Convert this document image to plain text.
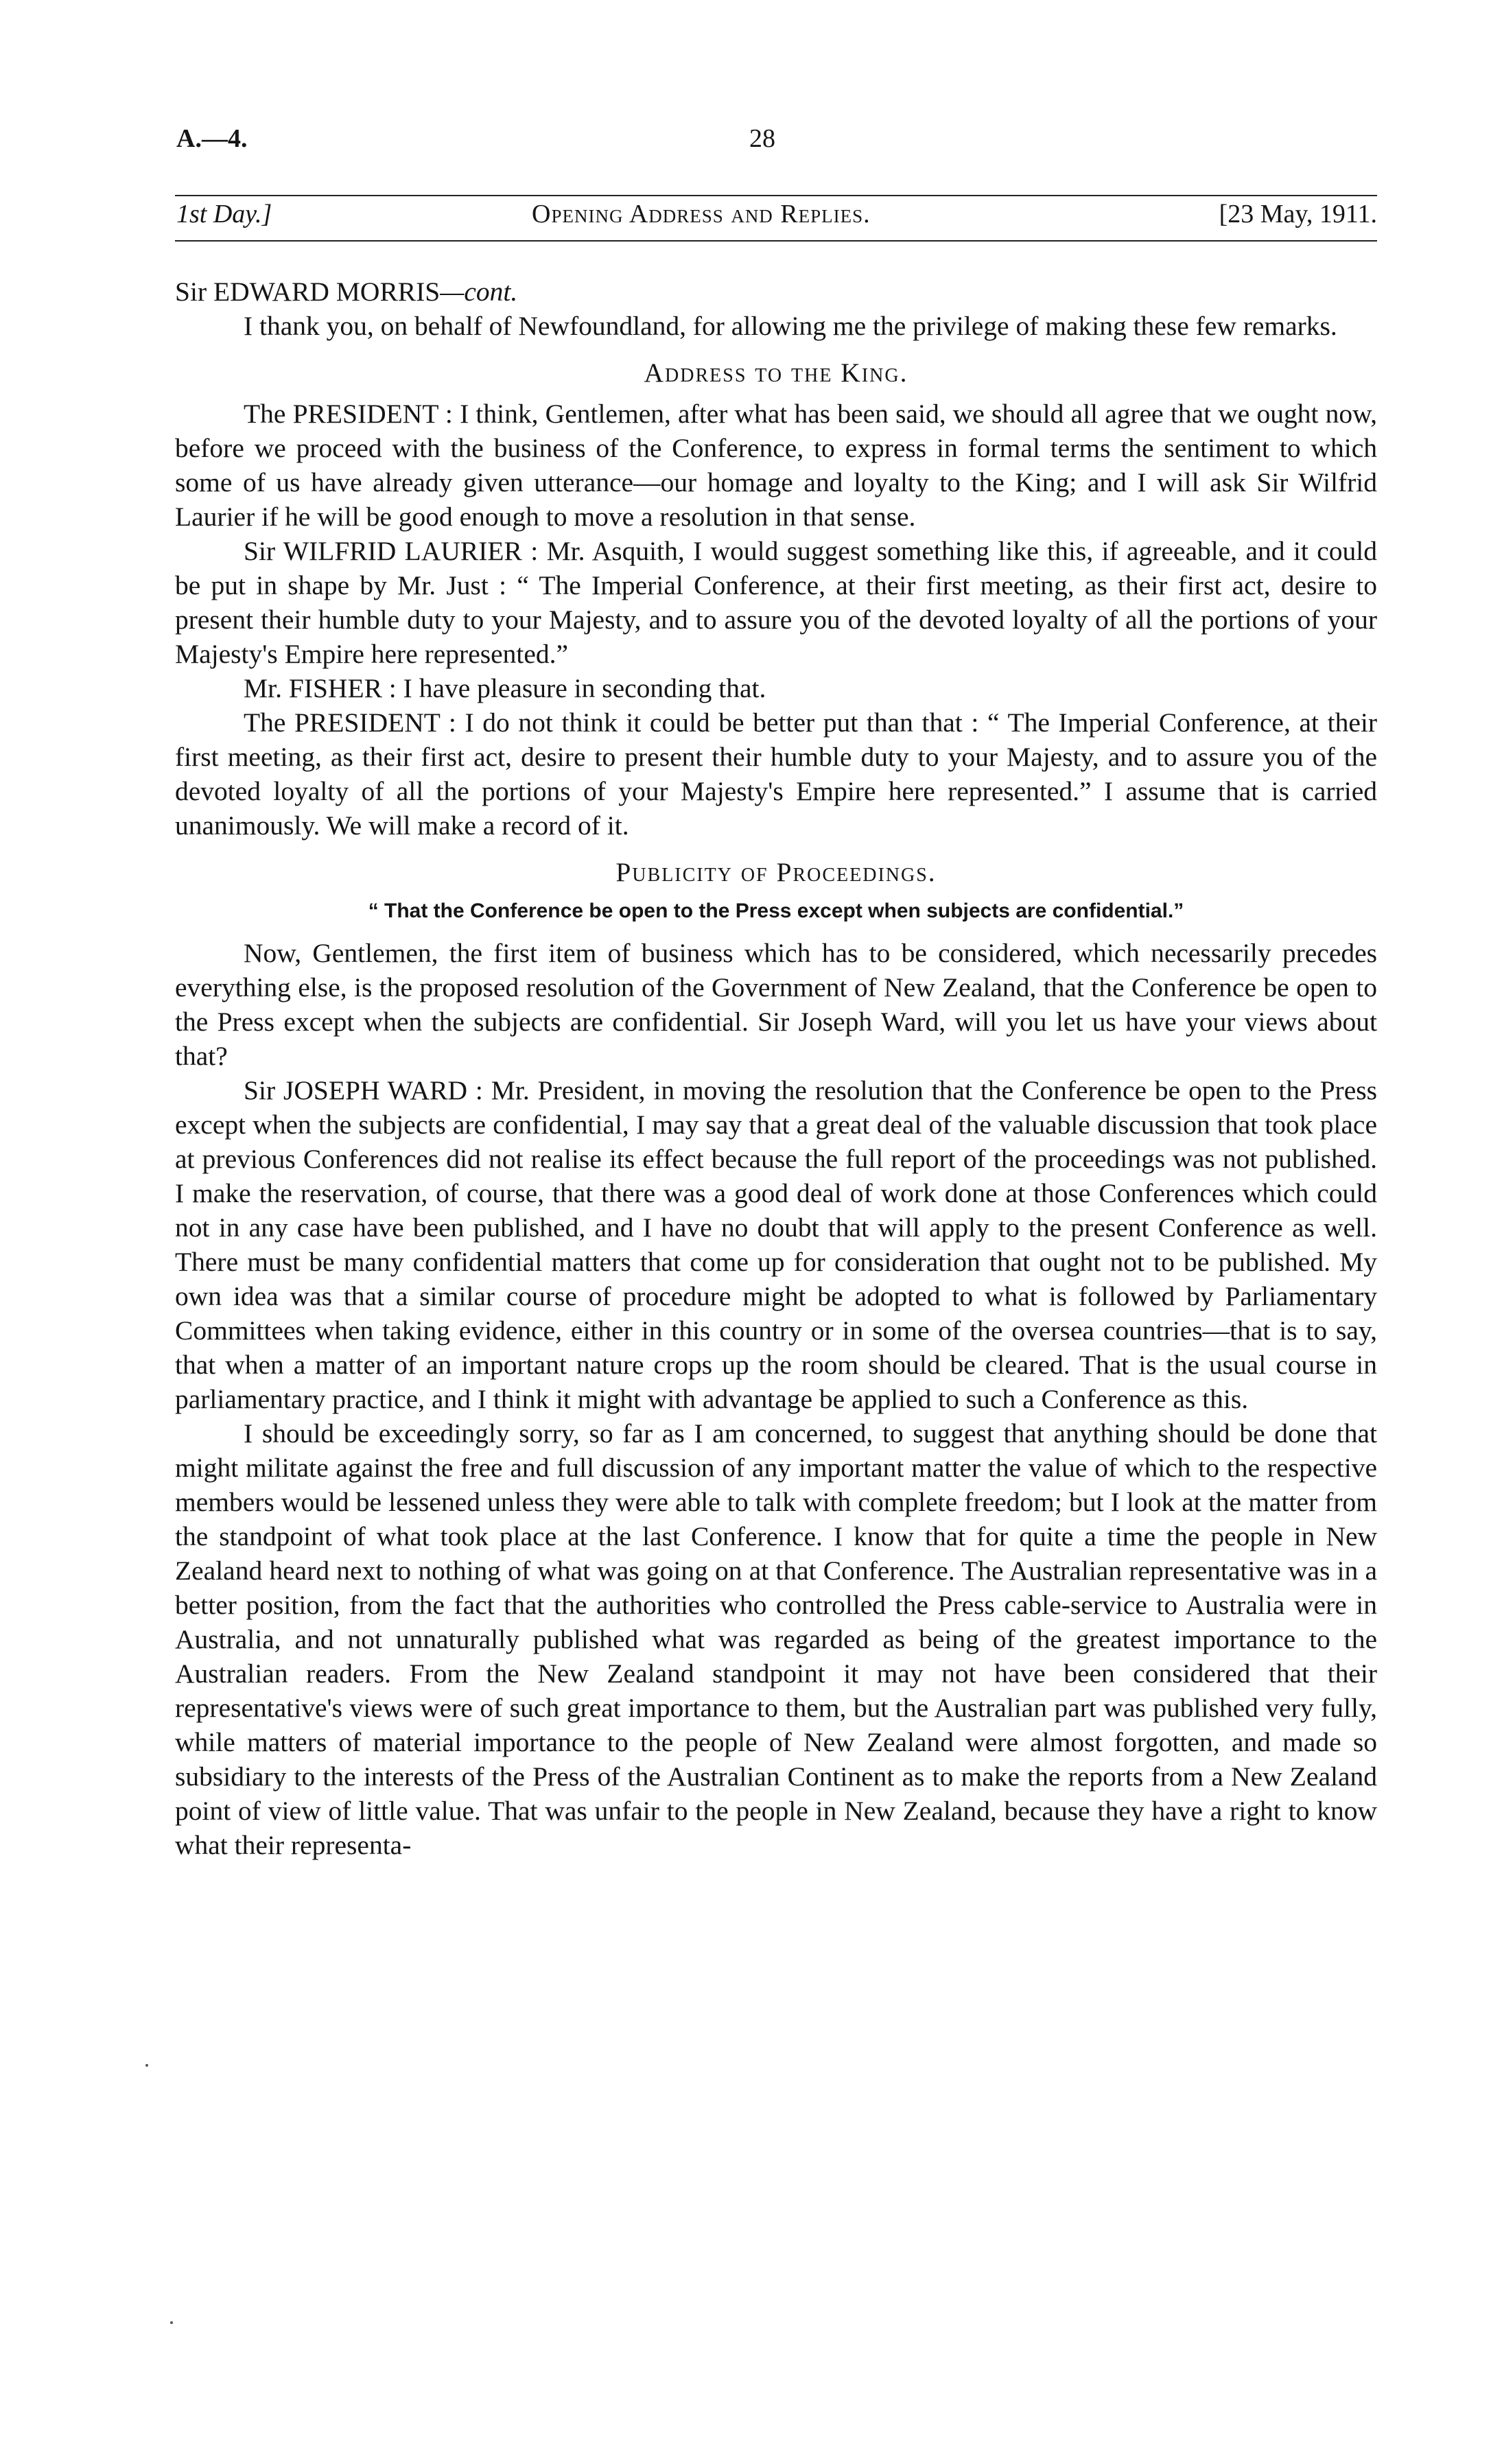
A.—4.	28
1st Day.]	Opening Address and Replies.	[23 May, 1911.

Sir EDWARD MORRIS—cont.

I thank you, on behalf of Newfoundland, for allowing me the privilege of making these few remarks.

Address to the King.

The PRESIDENT : I think, Gentlemen, after what has been said, we should all agree that we ought now, before we proceed with the business of the Conference, to express in formal terms the sentiment to which some of us have already given utterance—our homage and loyalty to the King; and I will ask Sir Wilfrid Laurier if he will be good enough to move a resolution in that sense.

Sir WILFRID LAURIER : Mr. Asquith, I would suggest something like this, if agreeable, and it could be put in shape by Mr. Just : “ The Imperial Conference, at their first meeting, as their first act, desire to present their humble duty to your Majesty, and to assure you of the devoted loyalty of all the portions of your Majesty's Empire here represented.”

Mr. FISHER : I have pleasure in seconding that.

The PRESIDENT : I do not think it could be better put than that : “ The Imperial Conference, at their first meeting, as their first act, desire to present their humble duty to your Majesty, and to assure you of the devoted loyalty of all the portions of your Majesty's Empire here represented.” I assume that is carried unanimously. We will make a record of it.

Publicity of Proceedings.
“ That the Conference be open to the Press except when subjects are confidential.”

Now, Gentlemen, the first item of business which has to be considered, which necessarily precedes everything else, is the proposed resolution of the Government of New Zealand, that the Conference be open to the Press except when the subjects are confidential. Sir Joseph Ward, will you let us have your views about that?

Sir JOSEPH WARD : Mr. President, in moving the resolution that the Conference be open to the Press except when the subjects are confidential, I may say that a great deal of the valuable discussion that took place at previous Conferences did not realise its effect because the full report of the proceedings was not published. I make the reservation, of course, that there was a good deal of work done at those Conferences which could not in any case have been published, and I have no doubt that will apply to the present Conference as well. There must be many confidential matters that come up for consideration that ought not to be published. My own idea was that a similar course of procedure might be adopted to what is followed by Parliamentary Committees when taking evidence, either in this country or in some of the oversea countries—that is to say, that when a matter of an important nature crops up the room should be cleared. That is the usual course in parliamentary practice, and I think it might with advantage be applied to such a Conference as this.

I should be exceedingly sorry, so far as I am concerned, to suggest that anything should be done that might militate against the free and full discussion of any important matter the value of which to the respective members would be lessened unless they were able to talk with complete freedom; but I look at the matter from the standpoint of what took place at the last Conference. I know that for quite a time the people in New Zealand heard next to nothing of what was going on at that Conference. The Australian representative was in a better position, from the fact that the authorities who controlled the Press cable-service to Australia were in Australia, and not unnaturally published what was regarded as being of the greatest importance to the Australian readers. From the New Zealand standpoint it may not have been considered that their representative's views were of such great importance to them, but the Australian part was published very fully, while matters of material importance to the people of New Zealand were almost forgotten, and made so subsidiary to the interests of the Press of the Australian Continent as to make the reports from a New Zealand point of view of little value. That was unfair to the people in New Zealand, because they have a right to know what their representa-
